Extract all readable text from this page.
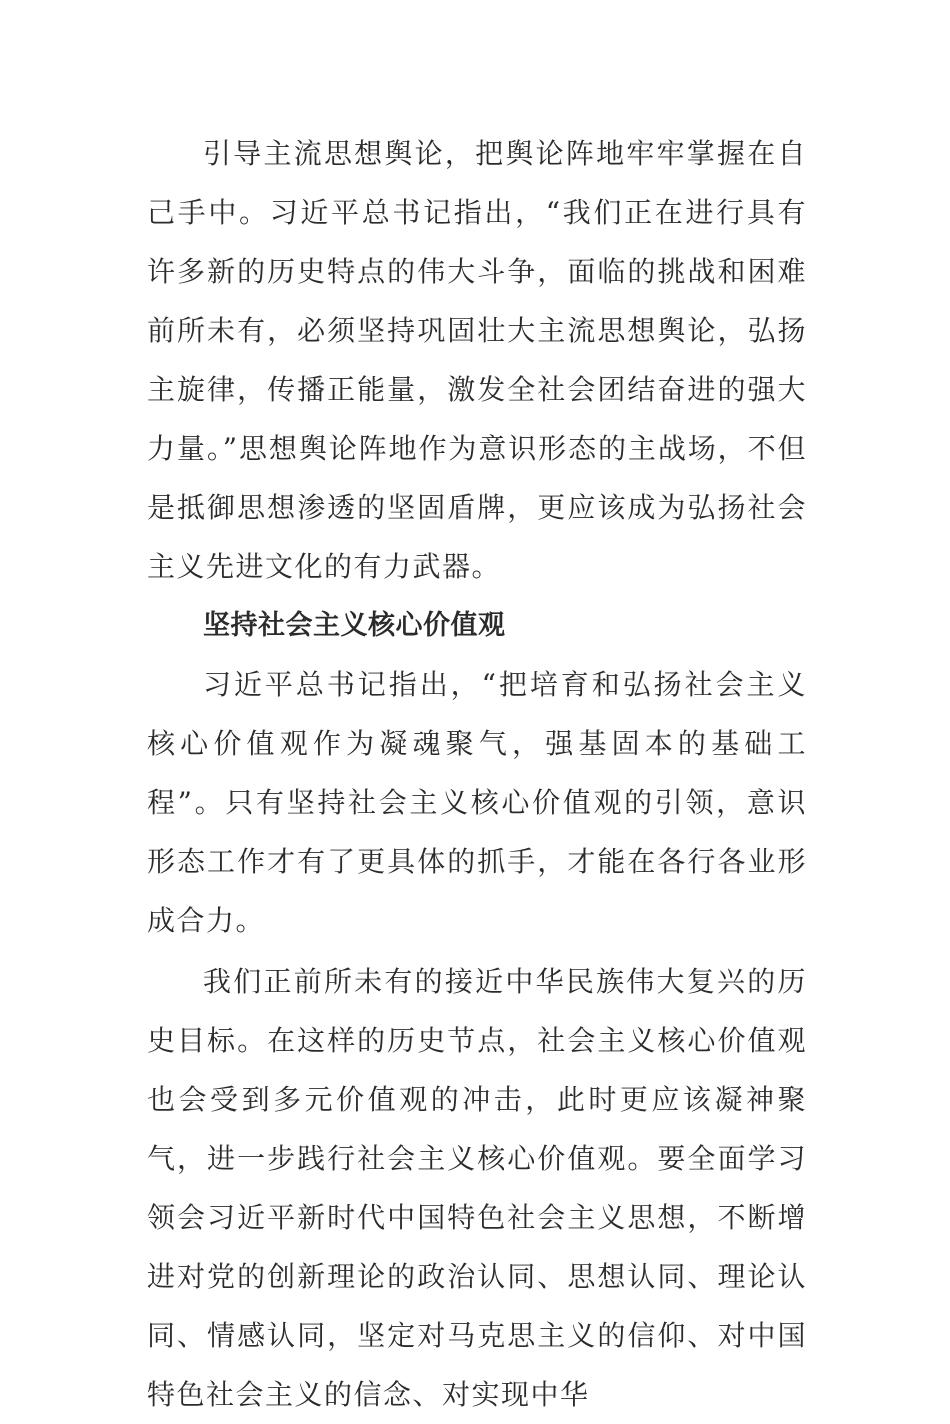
引导主流思想舆论，把舆论阵地牢牢掌握在自己手中。习近平总书记指出，“我们正在进行具有许多新的历史特点的伟大斗争，面临的挑战和困难前所未有，必须坚持巩固壮大主流思想舆论，弘扬主旋律，传播正能量，激发全社会团结奋进的强大力量。”思想舆论阵地作为意识形态的主战场，不但是抵御思想渗透的坚固盾牌，更应该成为弘扬社会主义先进文化的有力武器。

坚持社会主义核心价值观

习近平总书记指出，“把培育和弘扬社会主义核心价值观作为凝魂聚气，强基固本的基础工程”。只有坚持社会主义核心价值观的引领，意识形态工作才有了更具体的抓手，才能在各行各业形成合力。

我们正前所未有的接近中华民族伟大复兴的历史目标。在这样的历史节点，社会主义核心价值观也会受到多元价值观的冲击，此时更应该凝神聚气，进一步践行社会主义核心价值观。要全面学习领会习近平新时代中国特色社会主义思想，不断增进对党的创新理论的政治认同、思想认同、理论认同、情感认同，坚定对马克思主义的信仰、对中国特色社会主义的信念、对实现中华
